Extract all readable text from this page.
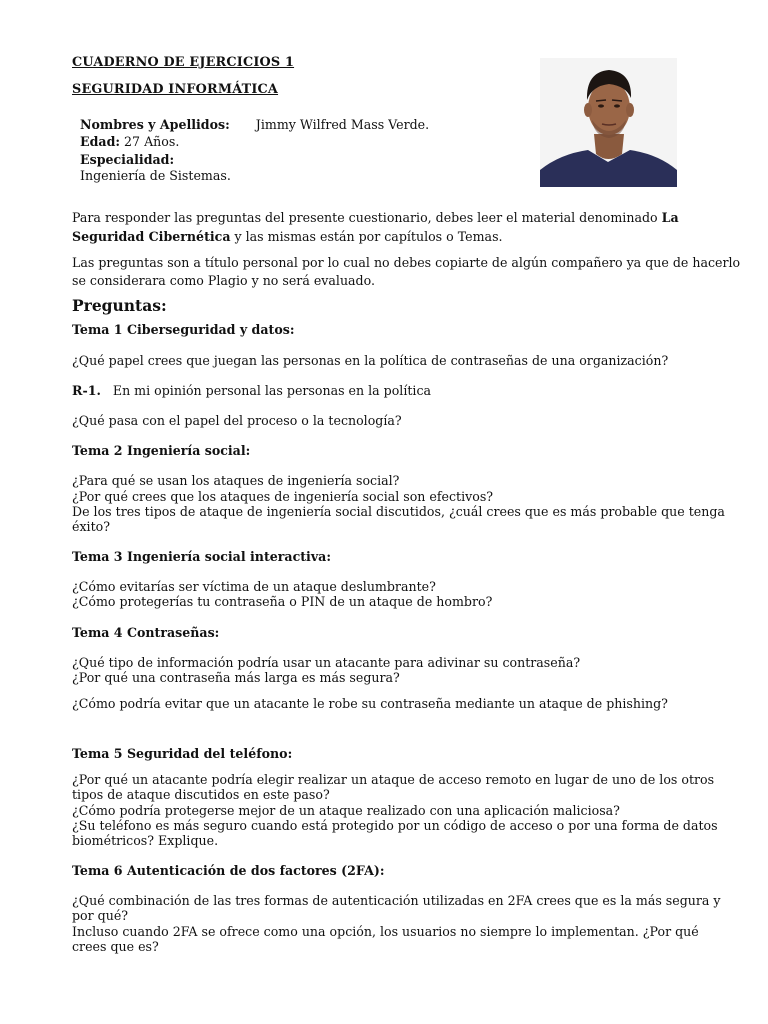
CUADERNO DE EJERCICIOS 1
SEGURIDAD INFORMÁTICA
Nombres y Apellidos: Jimmy Wilfred Mass Verde.
Edad: 27 Años.
Especialidad:
Ingeniería de Sistemas.
Para responder las preguntas del presente cuestionario, debes leer el material denominado La
Seguridad Cibernética y las mismas están por capítulos o Temas.
Las preguntas son a título personal por lo cual no debes copiarte de algún compañero ya que de hacerlo
se considerara como Plagio y no será evaluado.
Preguntas:
Tema 1 Ciberseguridad y datos:
¿Qué papel crees que juegan las personas en la política de contraseñas de una organización?
R-1. En mi opinión personal las personas en la política
¿Qué pasa con el papel del proceso o la tecnología?
Tema 2 Ingeniería social:
¿Para qué se usan los ataques de ingeniería social?
¿Por qué crees que los ataques de ingeniería social son efectivos?
De los tres tipos de ataque de ingeniería social discutidos, ¿cuál crees que es más probable que tenga
éxito?
Tema 3 Ingeniería social interactiva:
¿Cómo evitarías ser víctima de un ataque deslumbrante?
¿Cómo protegerías tu contraseña o PIN de un ataque de hombro?
Tema 4 Contraseñas:
¿Qué tipo de información podría usar un atacante para adivinar su contraseña?
¿Por qué una contraseña más larga es más segura?
¿Cómo podría evitar que un atacante le robe su contraseña mediante un ataque de phishing?
Tema 5 Seguridad del teléfono:
¿Por qué un atacante podría elegir realizar un ataque de acceso remoto en lugar de uno de los otros
tipos de ataque discutidos en este paso?
¿Cómo podría protegerse mejor de un ataque realizado con una aplicación maliciosa?
¿Su teléfono es más seguro cuando está protegido por un código de acceso o por una forma de datos
biométricos? Explique.
Tema 6 Autenticación de dos factores (2FA):
¿Qué combinación de las tres formas de autenticación utilizadas en 2FA crees que es la más segura y
por qué?
Incluso cuando 2FA se ofrece como una opción, los usuarios no siempre lo implementan. ¿Por qué
crees que es?
